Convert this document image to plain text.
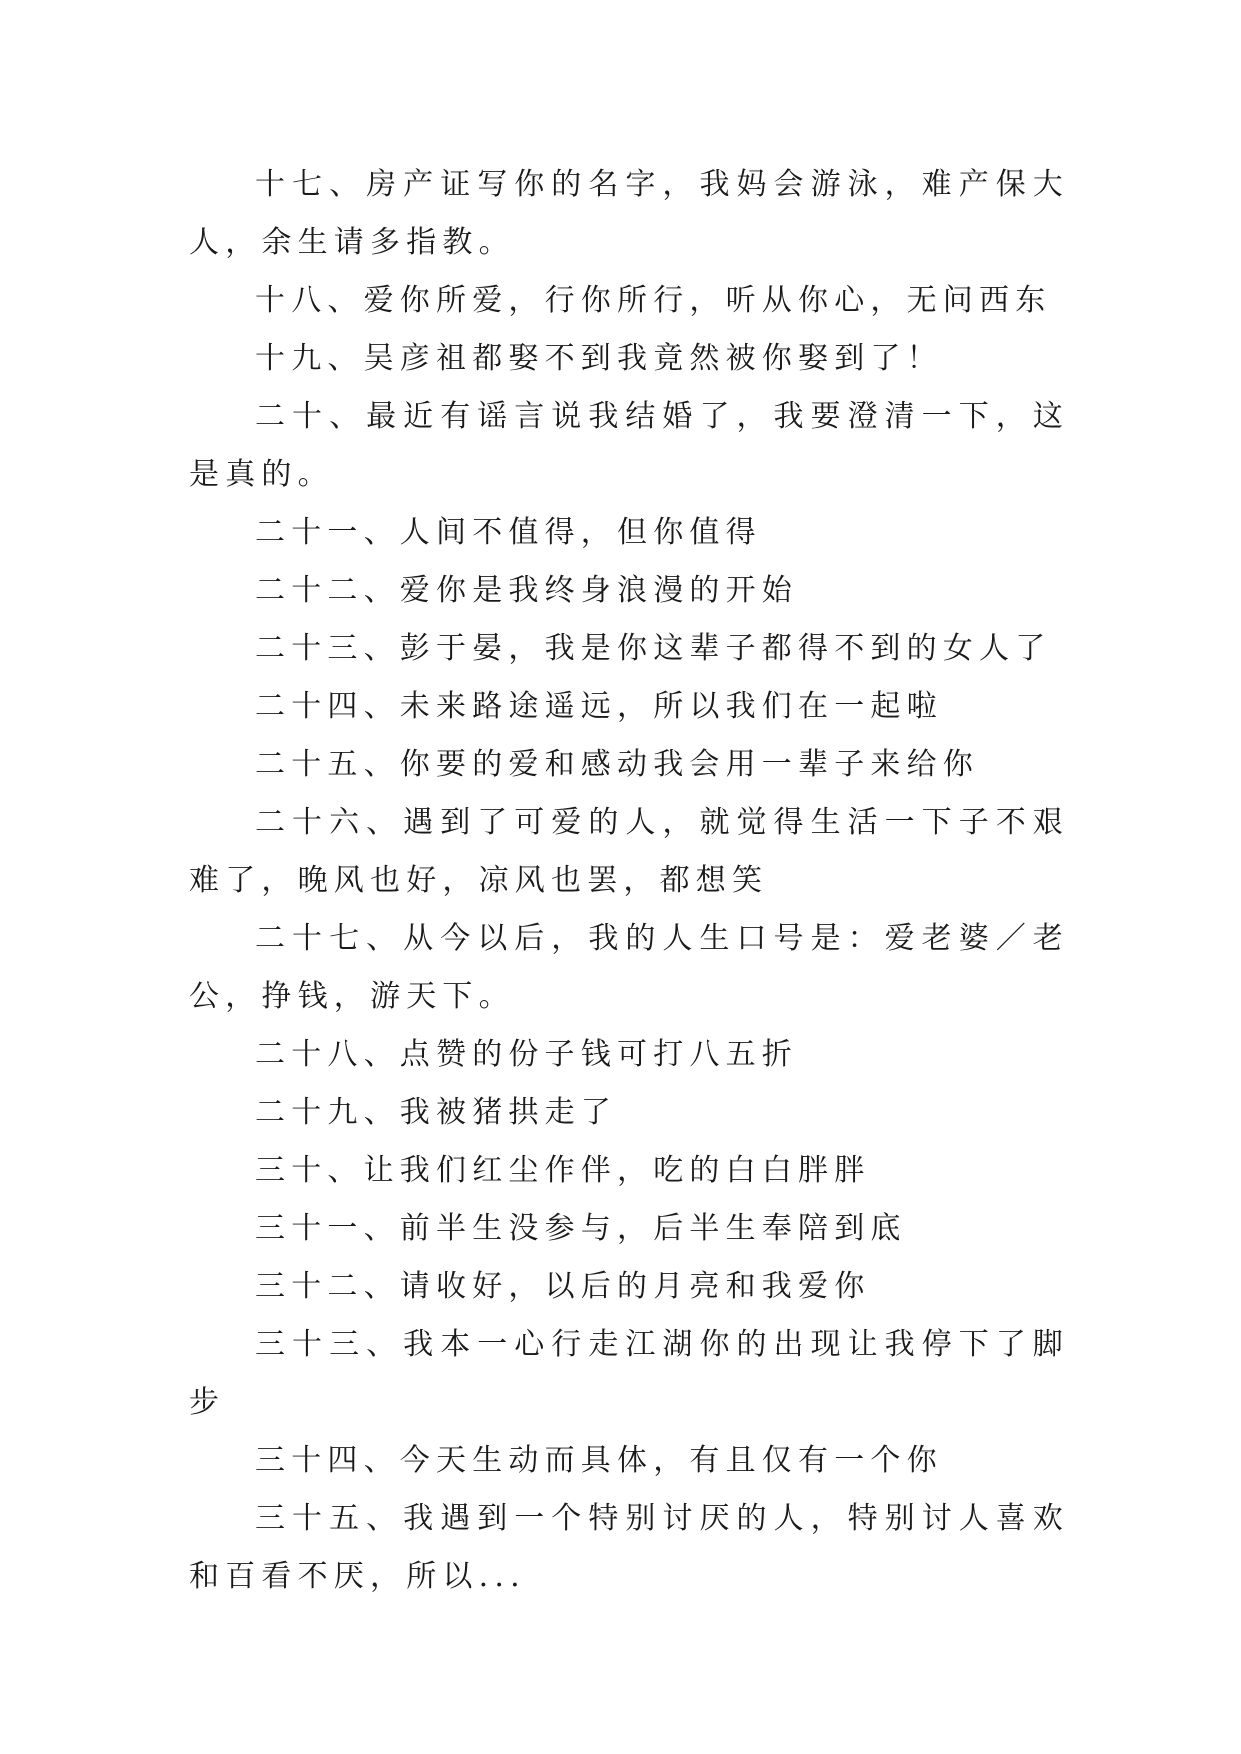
十七、房产证写你的名字，我妈会游泳，难产保大人，余生请多指教。

十八、爱你所爱，行你所行，听从你心，无问西东

十九、吴彦祖都娶不到我竟然被你娶到了！

二十、最近有谣言说我结婚了，我要澄清一下，这是真的。

二十一、人间不值得，但你值得

二十二、爱你是我终身浪漫的开始

二十三、彭于晏，我是你这辈子都得不到的女人了

二十四、未来路途遥远，所以我们在一起啦

二十五、你要的爱和感动我会用一辈子来给你

二十六、遇到了可爱的人，就觉得生活一下子不艰难了，晚风也好，凉风也罢，都想笑

二十七、从今以后，我的人生口号是：爱老婆／老公，挣钱，游天下。

二十八、点赞的份子钱可打八五折

二十九、我被猪拱走了

三十、让我们红尘作伴，吃的白白胖胖

三十一、前半生没参与，后半生奉陪到底

三十二、请收好，以后的月亮和我爱你

三十三、我本一心行走江湖你的出现让我停下了脚步

三十四、今天生动而具体，有且仅有一个你

三十五、我遇到一个特别讨厌的人，特别讨人喜欢和百看不厌，所以...
